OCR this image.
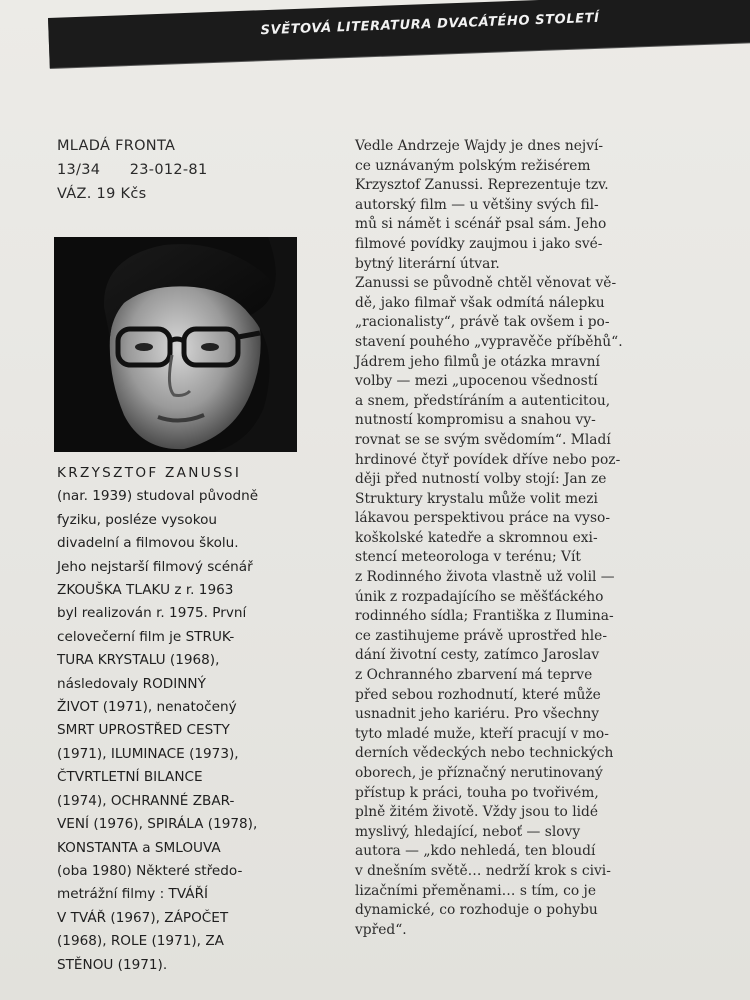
SVĚTOVÁ LITERATURA DVACÁTÉHO STOLETÍ
MLADÁ FRONTA
13/34      23-012-81
VÁZ. 19 Kčs
KRZYSZTOF ZANUSSI
(nar. 1939) studoval původně
fyziku, posléze vysokou
divadelní a filmovou školu.
Jeho nejstarší filmový scénář
ZKOUŠKA TLAKU z r. 1963
byl realizován r. 1975. První
celovečerní film je STRUK-
TURA KRYSTALU (1968),
následovaly RODINNÝ
ŽIVOT (1971), nenatočený
SMRT UPROSTŘED CESTY
(1971), ILUMINACE (1973),
ČTVRTLETNÍ BILANCE
(1974), OCHRANNÉ ZBAR-
VENÍ (1976), SPIRÁLA (1978),
KONSTANTA a SMLOUVA
(oba 1980) Některé středo-
metrážní filmy : TVÁŘÍ
V TVÁŘ (1967), ZÁPOČET
(1968), ROLE (1971), ZA
STĚNOU (1971).
Vedle Andrzeje Wajdy je dnes nejví-
ce uznávaným polským režisérem
Krzysztof Zanussi. Reprezentuje tzv.
autorský film — u většiny svých fil-
mů si námět i scénář psal sám. Jeho
filmové povídky zaujmou i jako své-
bytný literární útvar.
Zanussi se původně chtěl věnovat vě-
dě, jako filmař však odmítá nálepku
„racionalisty“, právě tak ovšem i po-
stavení pouhého „vypravěče příběhů“.
Jádrem jeho filmů je otázka mravní
volby — mezi „upocenou všedností
a snem, předstíráním a autenticitou,
nutností kompromisu a snahou vy-
rovnat se se svým svědomím“. Mladí
hrdinové čtyř povídek dříve nebo poz-
ději před nutností volby stojí: Jan ze
Struktury krystalu může volit mezi
lákavou perspektivou práce na vyso-
koškolské katedře a skromnou exi-
stencí meteorologa v terénu; Vít
z Rodinného života vlastně už volil —
únik z rozpadajícího se měšťáckého
rodinného sídla; Františka z Ilumina-
ce zastihujeme právě uprostřed hle-
dání životní cesty, zatímco Jaroslav
z Ochranného zbarvení má teprve
před sebou rozhodnutí, které může
usnadnit jeho kariéru. Pro všechny
tyto mladé muže, kteří pracují v mo-
derních vědeckých nebo technických
oborech, je příznačný nerutinovaný
přístup k práci, touha po tvořivém,
plně žitém životě. Vždy jsou to lidé
myslivý, hledající, neboť — slovy
autora — „kdo nehledá, ten bloudí
v dnešním světě… nedrží krok s civi-
lizačními přeměnami… s tím, co je
dynamické, co rozhoduje o pohybu
vpřed“.
